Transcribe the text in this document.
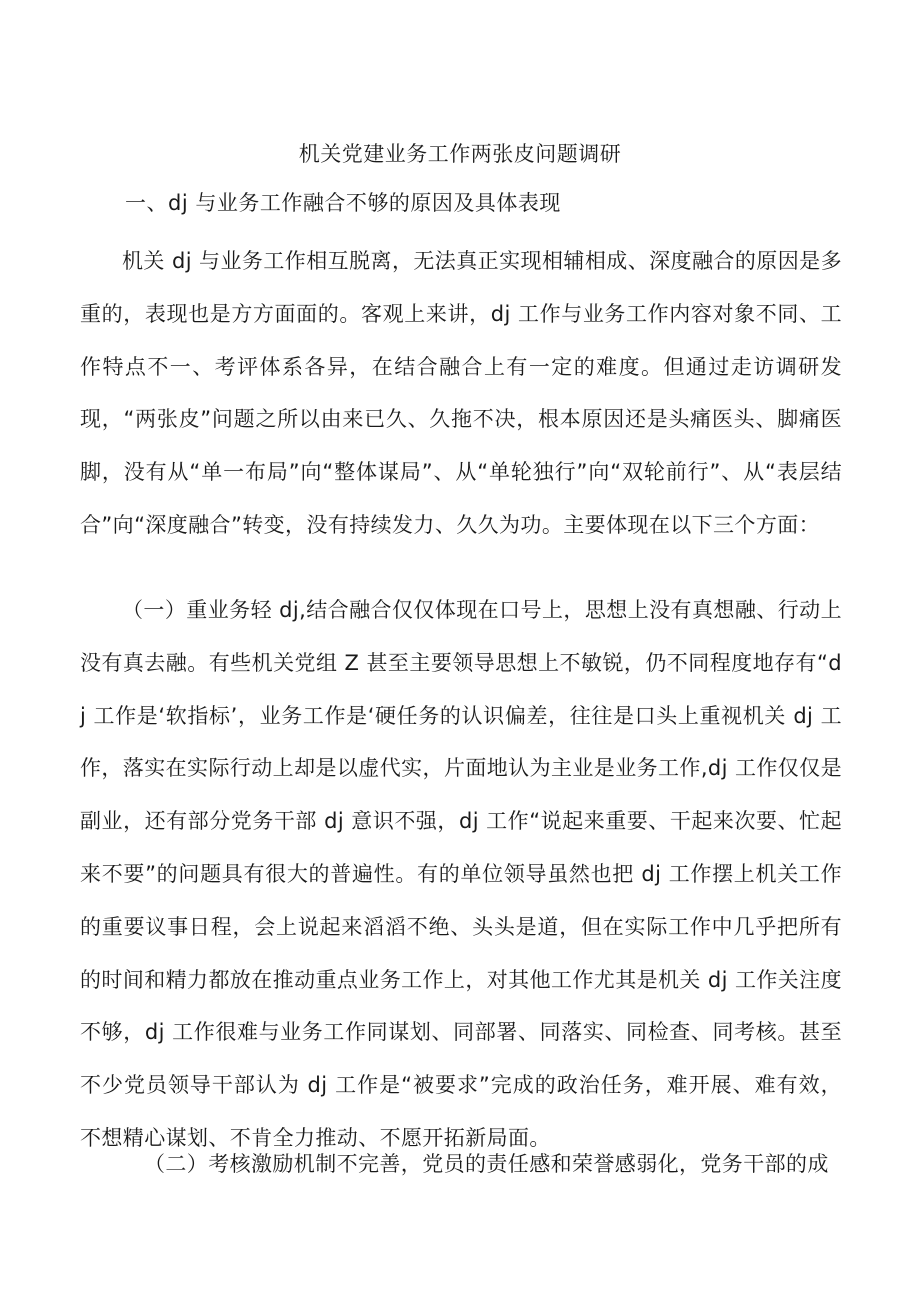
机关党建业务工作两张皮问题调研
一、dj 与业务工作融合不够的原因及具体表现

机关 dj 与业务工作相互脱离，无法真正实现相辅相成、深度融合的原因是多重的，表现也是方方面面的。客观上来讲，dj 工作与业务工作内容对象不同、工作特点不一、考评体系各异，在结合融合上有一定的难度。但通过走访调研发现，“两张皮”问题之所以由来已久、久拖不决，根本原因还是头痛医头、脚痛医脚，没有从“单一布局”向“整体谋局”、从“单轮独行”向“双轮前行”、从“表层结合”向“深度融合”转变，没有持续发力、久久为功。主要体现在以下三个方面：

（一）重业务轻 dj,结合融合仅仅体现在口号上，思想上没有真想融、行动上没有真去融。有些机关党组 Z 甚至主要领导思想上不敏锐，仍不同程度地存有“dj 工作是‘软指标’，业务工作是‘硬任务的认识偏差，往往是口头上重视机关 dj 工作，落实在实际行动上却是以虚代实，片面地认为主业是业务工作,dj 工作仅仅是副业，还有部分党务干部 dj 意识不强，dj 工作“说起来重要、干起来次要、忙起来不要”的问题具有很大的普遍性。有的单位领导虽然也把 dj 工作摆上机关工作的重要议事日程，会上说起来滔滔不绝、头头是道，但在实际工作中几乎把所有的时间和精力都放在推动重点业务工作上，对其他工作尤其是机关 dj 工作关注度不够，dj 工作很难与业务工作同谋划、同部署、同落实、同检查、同考核。甚至不少党员领导干部认为 dj 工作是“被要求”完成的政治任务，难开展、难有效，不想精心谋划、不肯全力推动、不愿开拓新局面。

（二）考核激励机制不完善，党员的责任感和荣誉感弱化，党务干部的成
